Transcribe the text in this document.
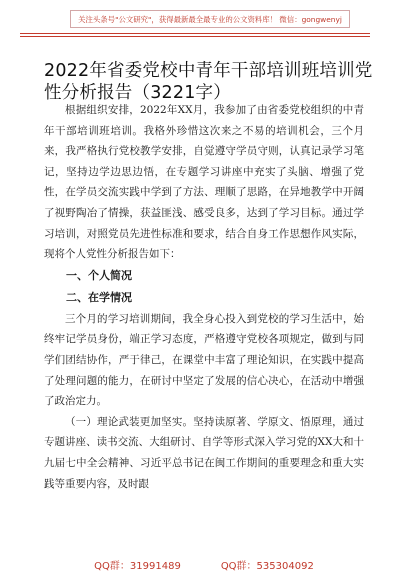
关注头条号"公文研究"，获得最新最全最专业的公文资料库！ 微信：gongwenyj
2022年省委党校中青年干部培训班培训党性分析报告（3221字）

根据组织安排，2022年XX月，我参加了由省委党校组织的中青年干部培训班培训。我格外珍惜这次来之不易的培训机会，三个月来，我严格执行党校教学安排，自觉遵守学员守则，认真记录学习笔记，坚持边学边思边悟，在专题学习讲座中充实了头脑、增强了党性，在学员交流实践中学到了方法、理顺了思路，在异地教学中开阔了视野陶冶了情操，获益匪浅、感受良多，达到了学习目标。通过学习培训，对照党员先进性标准和要求，结合自身工作思想作风实际，现将个人党性分析报告如下：

一、个人简况

二、在学情况

三个月的学习培训期间，我全身心投入到党校的学习生活中，始终牢记学员身份，端正学习态度，严格遵守党校各项规定，做到与同学们团结协作，严于律己，在课堂中丰富了理论知识，在实践中提高了处理问题的能力，在研讨中坚定了发展的信心决心，在活动中增强了政治定力。

（一）理论武装更加坚实。坚持读原著、学原文、悟原理，通过专题讲座、读书交流、大组研讨、自学等形式深入学习党的XX大和十九届七中全会精神、习近平总书记在闽工作期间的重要理念和重大实践等重要内容，及时跟

QQ群：31991489	QQ群：535304092
